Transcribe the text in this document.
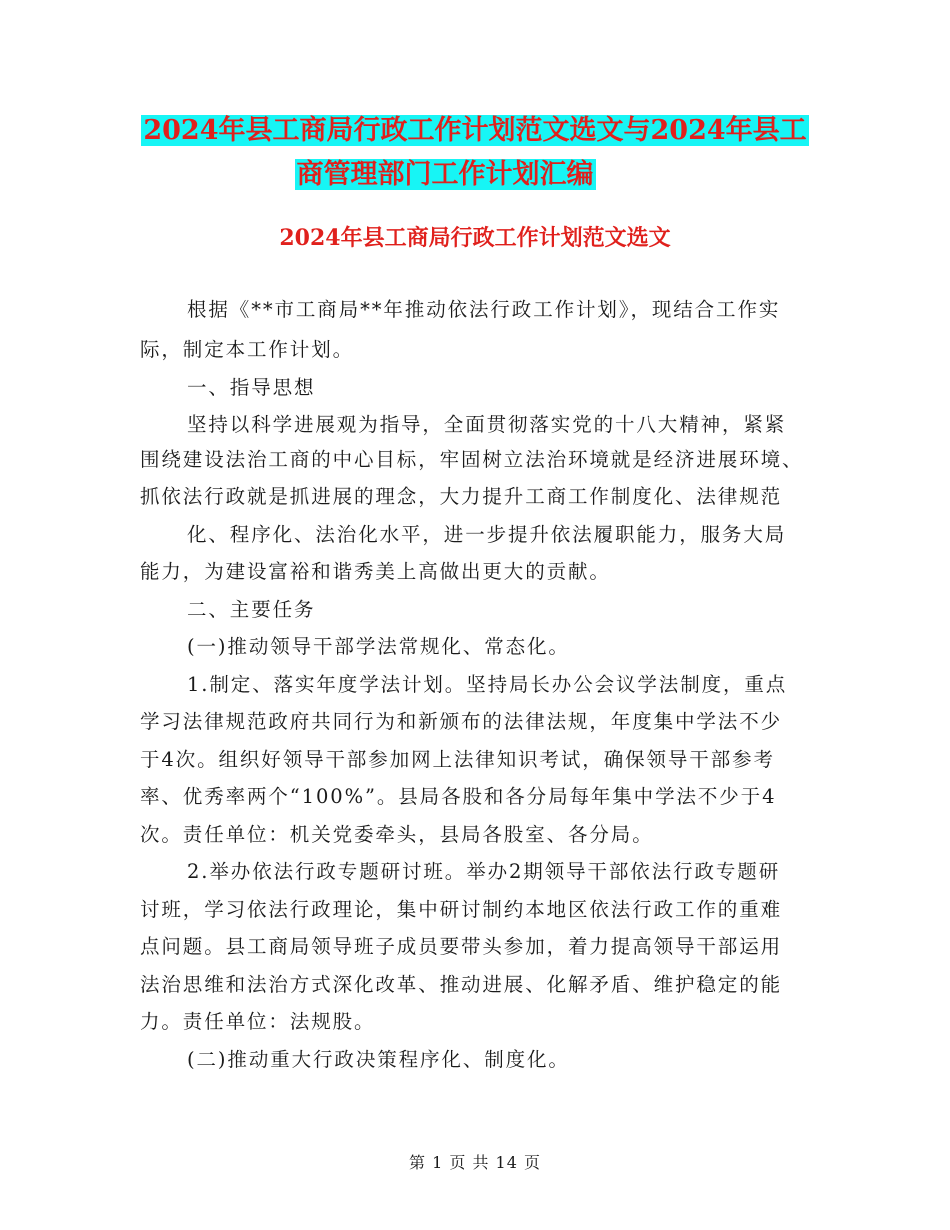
2024年县工商局行政工作计划范文选文与2024年县工
商管理部门工作计划汇编
2024年县工商局行政工作计划范文选文
根据《**市工商局**年推动依法行政工作计划》，现结合工作实
际，制定本工作计划。
一、指导思想
坚持以科学进展观为指导，全面贯彻落实党的十八大精神，紧紧
围绕建设法治工商的中心目标，牢固树立法治环境就是经济进展环境、
抓依法行政就是抓进展的理念，大力提升工商工作制度化、法律规范
化、程序化、法治化水平，进一步提升依法履职能力，服务大局
能力，为建设富裕和谐秀美上高做出更大的贡献。
二、主要任务
(一)推动领导干部学法常规化、常态化。
1.制定、落实年度学法计划。坚持局长办公会议学法制度，重点
学习法律规范政府共同行为和新颁布的法律法规，年度集中学法不少
于4次。组织好领导干部参加网上法律知识考试，确保领导干部参考
率、优秀率两个“100%”。县局各股和各分局每年集中学法不少于4
次。责任单位：机关党委牵头，县局各股室、各分局。
2.举办依法行政专题研讨班。举办2期领导干部依法行政专题研
讨班，学习依法行政理论，集中研讨制约本地区依法行政工作的重难
点问题。县工商局领导班子成员要带头参加，着力提高领导干部运用
法治思维和法治方式深化改革、推动进展、化解矛盾、维护稳定的能
力。责任单位：法规股。
(二)推动重大行政决策程序化、制度化。
第 1 页 共 14 页
